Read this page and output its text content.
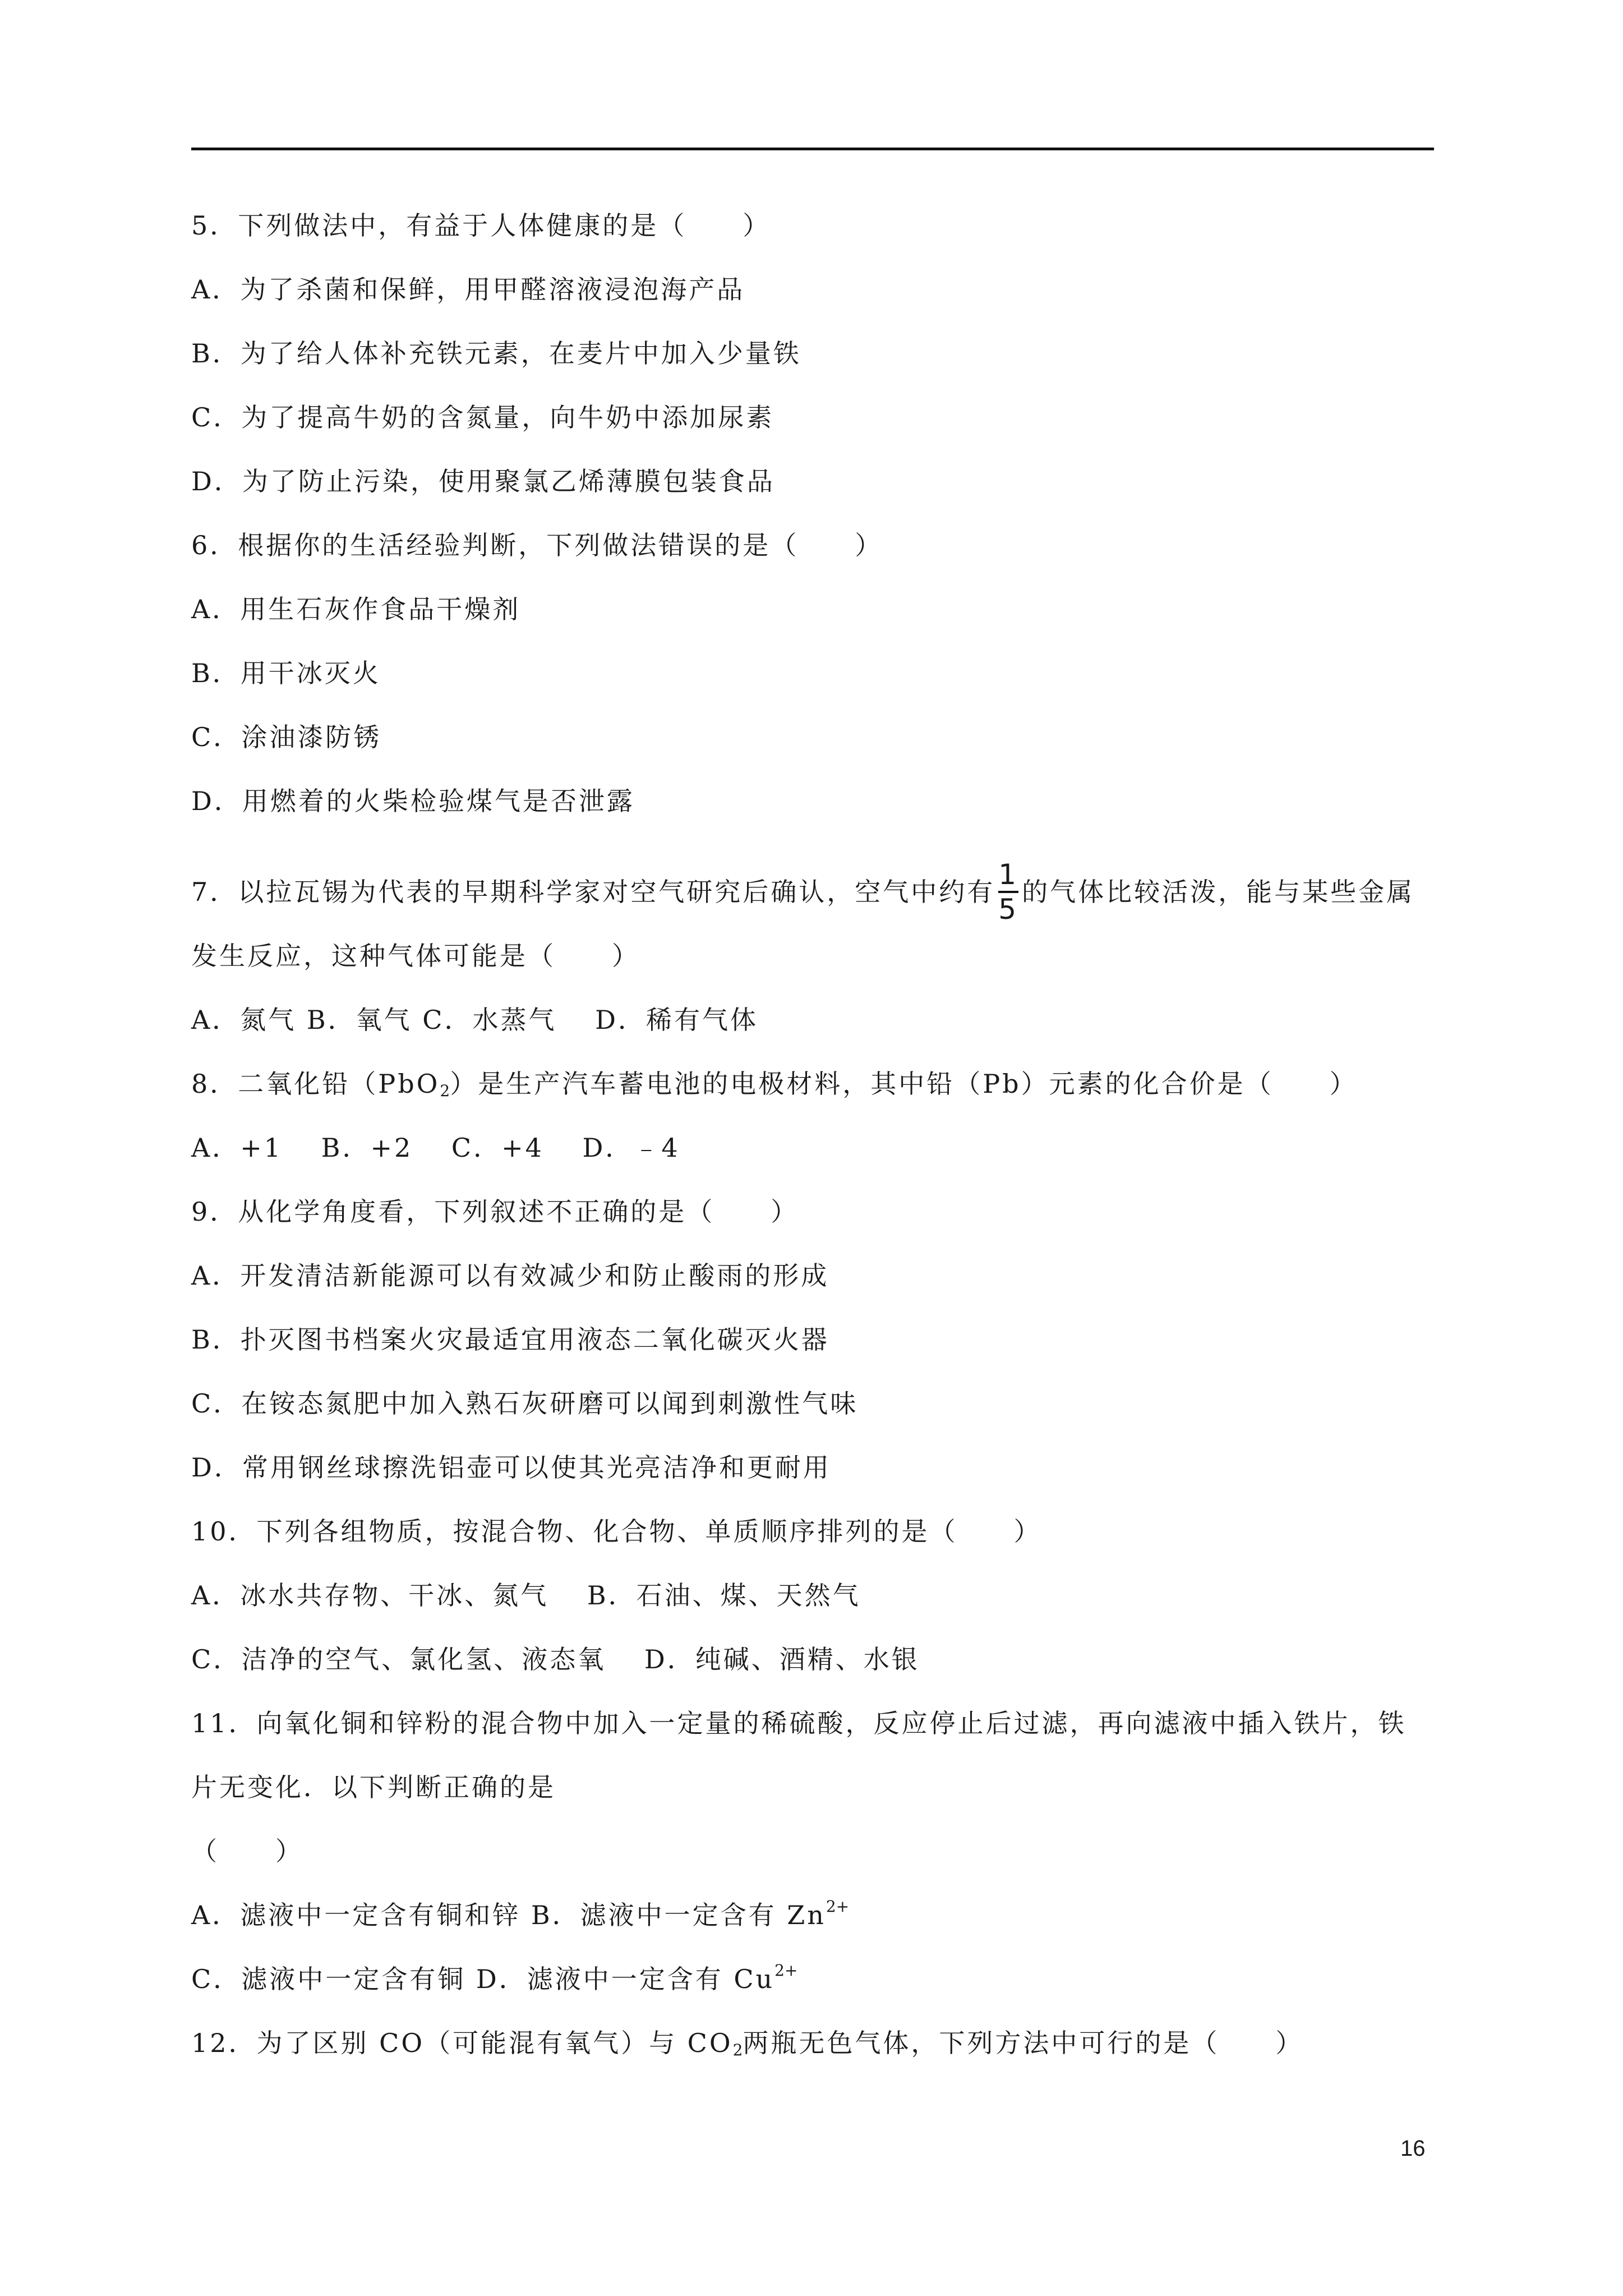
5．下列做法中，有益于人体健康的是（　　）
A．为了杀菌和保鲜，用甲醛溶液浸泡海产品
B．为了给人体补充铁元素，在麦片中加入少量铁
C．为了提高牛奶的含氮量，向牛奶中添加尿素
D．为了防止污染，使用聚氯乙烯薄膜包装食品
6．根据你的生活经验判断，下列做法错误的是（　　）
A．用生石灰作食品干燥剂
B．用干冰灭火
C．涂油漆防锈
D．用燃着的火柴检验煤气是否泄露
7．以拉瓦锡为代表的早期科学家对空气研究后确认，空气中约有 $\frac{1}{5}$ 的气体比较活泼，能与某些金属
发生反应，这种气体可能是（　　）
A．氮气 B．氧气 C．水蒸气　 D．稀有气体
8．二氧化铅（PbO$_2$）是生产汽车蓄电池的电极材料，其中铅（Pb）元素的化合价是（　　）
A．+1　 B．+2　 C．+4　 D．﹣4
9．从化学角度看，下列叙述不正确的是（　　）
A．开发清洁新能源可以有效减少和防止酸雨的形成
B．扑灭图书档案火灾最适宜用液态二氧化碳灭火器
C．在铵态氮肥中加入熟石灰研磨可以闻到刺激性气味
D．常用钢丝球擦洗铝壶可以使其光亮洁净和更耐用
10．下列各组物质，按混合物、化合物、单质顺序排列的是（　　）
A．冰水共存物、干冰、氮气　 B．石油、煤、天然气
C．洁净的空气、氯化氢、液态氧　 D．纯碱、酒精、水银
11．向氧化铜和锌粉的混合物中加入一定量的稀硫酸，反应停止后过滤，再向滤液中插入铁片，铁
片无变化．以下判断正确的是
（　　）
A．滤液中一定含有铜和锌 B．滤液中一定含有 $Zn^{2+}$
C．滤液中一定含有铜 D．滤液中一定含有 $Cu^{2+}$
12．为了区别 CO（可能混有氧气）与 $CO_2$两瓶无色气体，下列方法中可行的是（　　）
16
